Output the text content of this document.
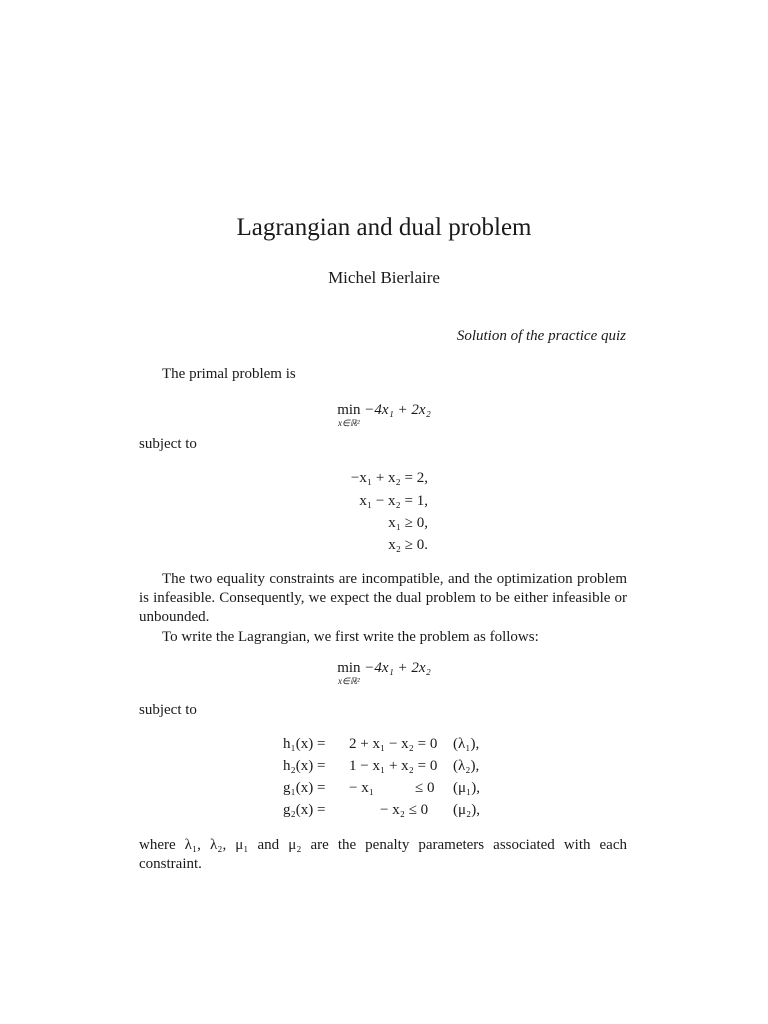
Lagrangian and dual problem
Michel Bierlaire
Solution of the practice quiz
The primal problem is
min
x∈ℝ²
−4x₁ + 2x₂
subject to
−x₁ + x₂ = 2,
x₁ − x₂ = 1,
x₁ ≥ 0,
x₂ ≥ 0.
The two equality constraints are incompatible, and the optimization problem is infeasible. Consequently, we expect the dual problem to be either infeasible or unbounded.
To write the Lagrangian, we first write the problem as follows:
min
x∈ℝ²
−4x₁ + 2x₂
subject to
h₁(x) = 2 + x₁ − x₂ = 0 (λ₁),
h₂(x) = 1 − x₁ + x₂ = 0 (λ₂),
g₁(x) = − x₁	≤ 0 (μ₁),
g₂(x) =	− x₂ ≤ 0 (μ₂),
where λ₁, λ₂, μ₁ and μ₂ are the penalty parameters associated with each constraint.
